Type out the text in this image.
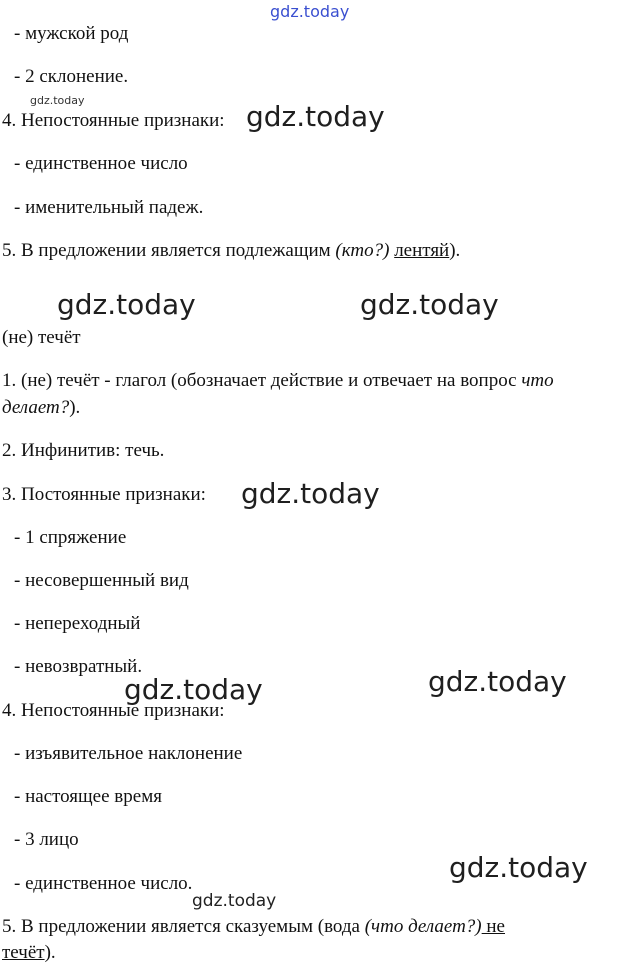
gdz.today
gdz.today	gdz.today
gdz.today	gdz.today
gdz.today
gdz.today
gdz.today
gdz.today
gdz.today
- мужской род
- 2 склонение.
4. Непостоянные признаки:
- единственное число
- именительный падеж.
5. В предложении является подлежащим (кто?) лентяй).
(не) течёт
1. (не) течёт - глагол (обозначает действие и отвечает на вопрос что
делает?).
2. Инфинитив: течь.
3. Постоянные признаки:
- 1 спряжение
- несовершенный вид
- непереходный
- невозвратный.
4. Непостоянные признаки:
- изъявительное наклонение
- настоящее время
- 3 лицо
- единственное число.
5. В предложении является сказуемым (вода (что делает?) не
течёт).
